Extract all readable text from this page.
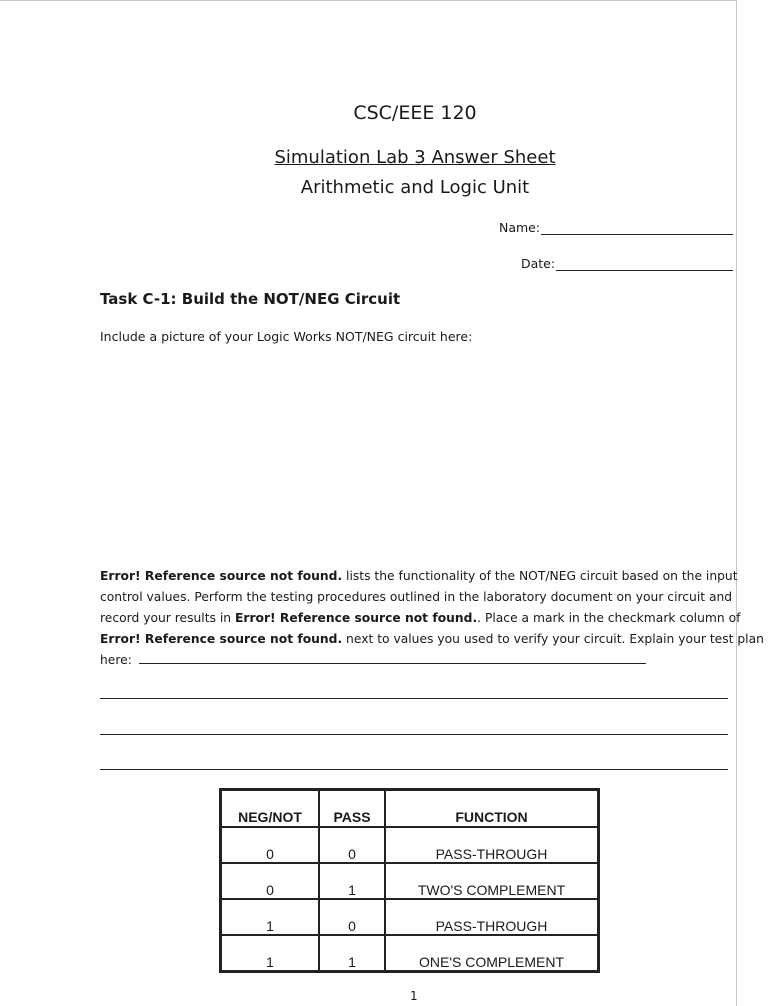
CSC/EEE 120
Simulation Lab 3 Answer Sheet
Arithmetic and Logic Unit
Name:
Date:
Task C-1: Build the NOT/NEG Circuit
Include a picture of your Logic Works NOT/NEG circuit here:
Error! Reference source not found. lists the functionality of the NOT/NEG circuit based on the input
control values. Perform the testing procedures outlined in the laboratory document on your circuit and
record your results in Error! Reference source not found.. Place a mark in the checkmark column of
Error! Reference source not found. next to values you used to verify your circuit. Explain your test plan
here:
NEG/NOT	PASS	FUNCTION
0	0	PASS-THROUGH
0	1	TWO'S COMPLEMENT
1	0	PASS-THROUGH
1	1	ONE'S COMPLEMENT
1
